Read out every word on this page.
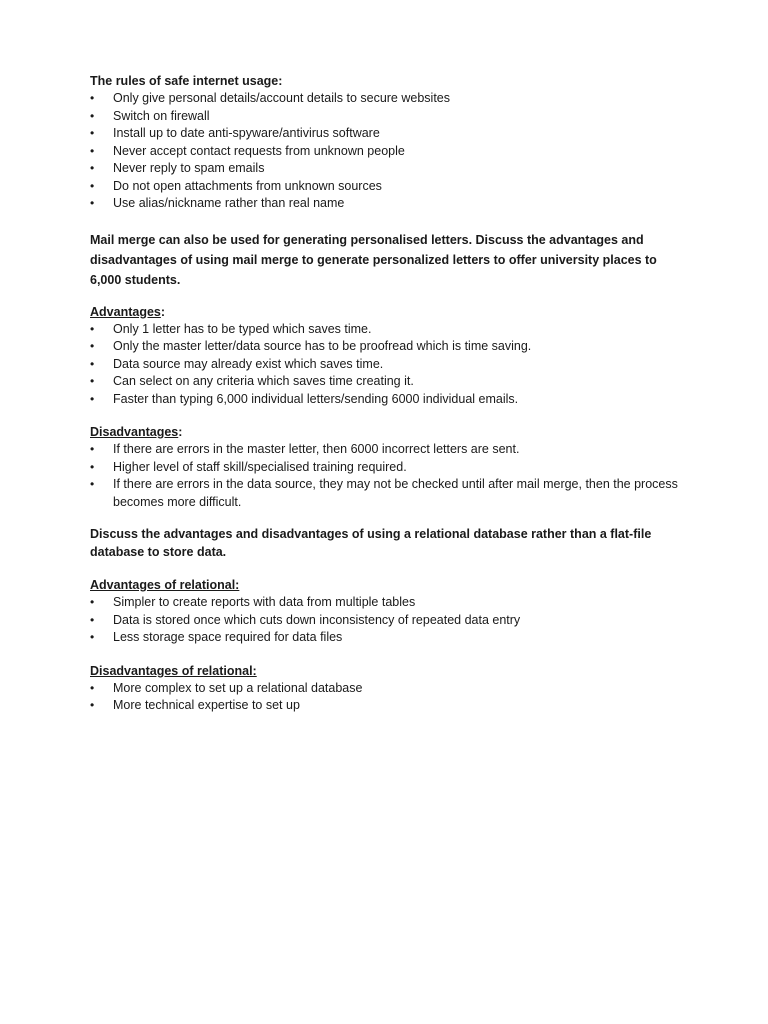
The rules of safe internet usage:

• Only give personal details/account details to secure websites
• Switch on firewall
• Install up to date anti-spyware/antivirus software
• Never accept contact requests from unknown people
• Never reply to spam emails
• Do not open attachments from unknown sources
• Use alias/nickname rather than real name

Mail merge can also be used for generating personalised letters. Discuss the advantages and disadvantages of using mail merge to generate personalized letters to offer university places to 6,000 students.

Advantages:

• Only 1 letter has to be typed which saves time.
• Only the master letter/data source has to be proofread which is time saving.
• Data source may already exist which saves time.
• Can select on any criteria which saves time creating it.
• Faster than typing 6,000 individual letters/sending 6000 individual emails.

Disadvantages:

• If there are errors in the master letter, then 6000 incorrect letters are sent.
• Higher level of staff skill/specialised training required.
• If there are errors in the data source, they may not be checked until after mail merge, then the process becomes more difficult.

Discuss the advantages and disadvantages of using a relational database rather than a flat-file database to store data.

Advantages of relational:

• Simpler to create reports with data from multiple tables
• Data is stored once which cuts down inconsistency of repeated data entry
• Less storage space required for data files

Disadvantages of relational:

• More complex to set up a relational database
• More technical expertise to set up
